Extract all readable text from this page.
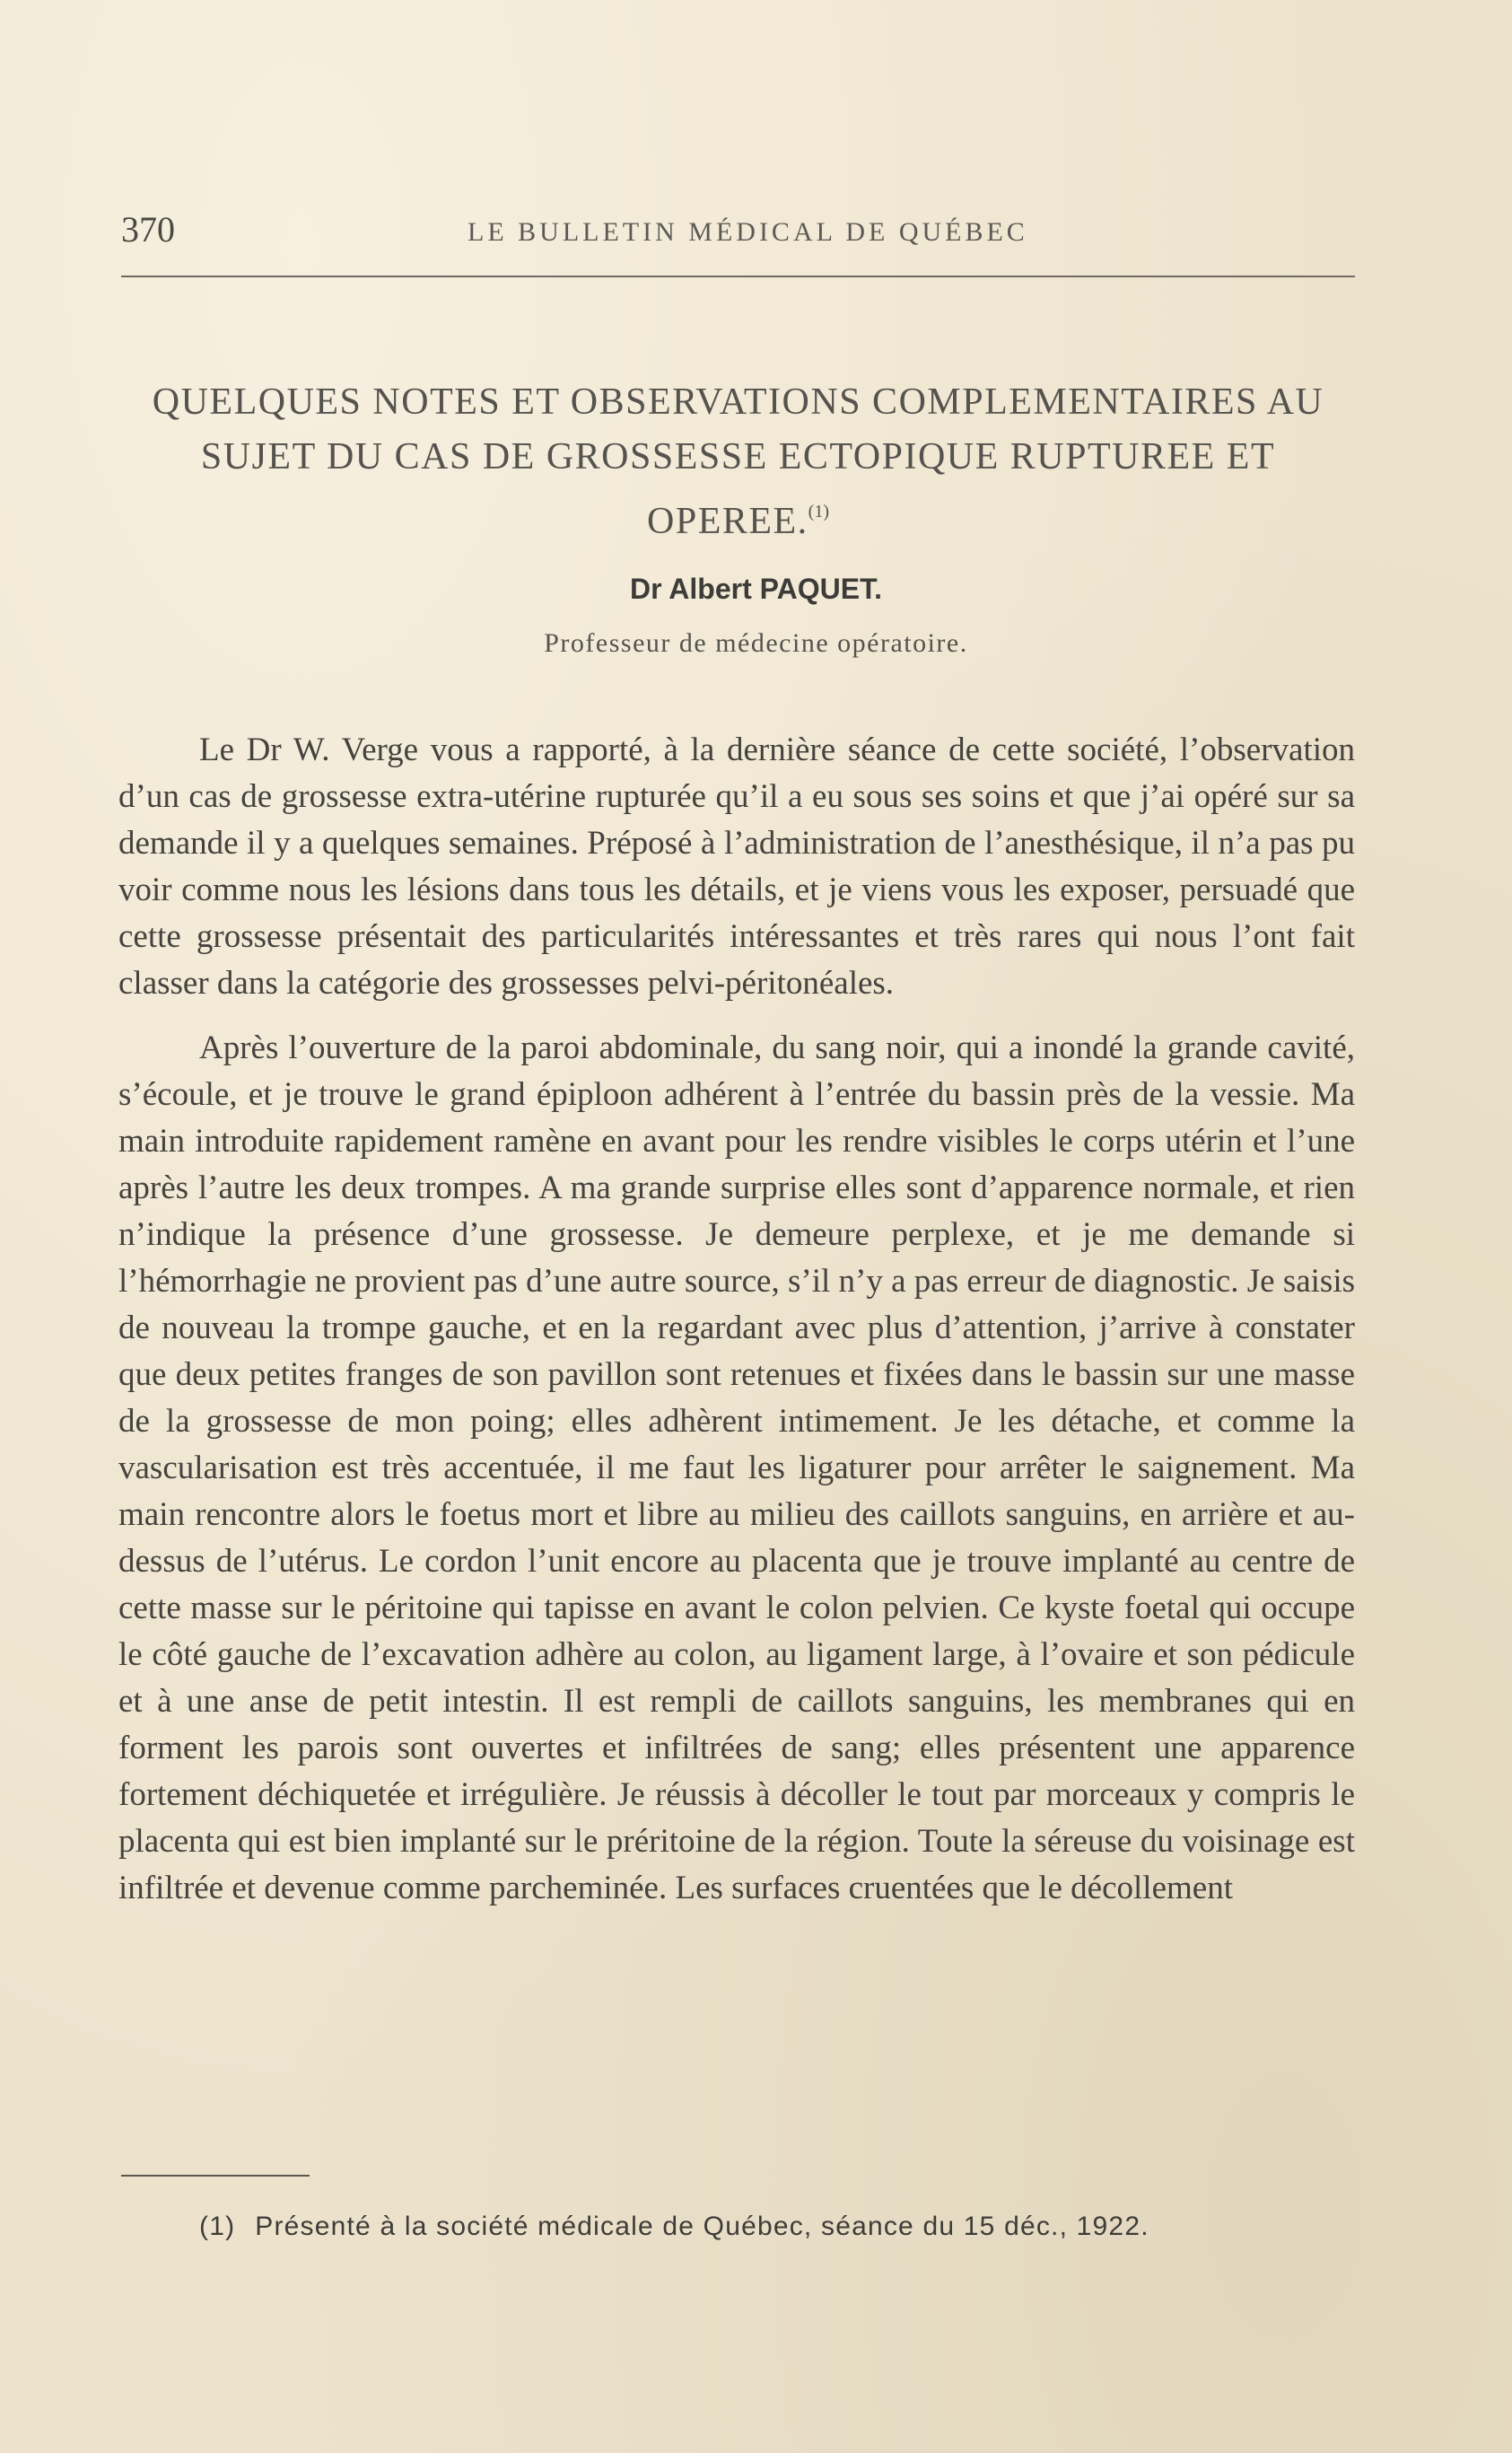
370	LE BULLETIN MÉDICAL DE QUÉBEC
QUELQUES NOTES ET OBSERVATIONS COMPLEMENTAIRES AU SUJET DU CAS DE GROSSESSE ECTOPIQUE RUPTUREE ET OPEREE.$^{(1)}$
Dr Albert PAQUET.
Professeur de médecine opératoire.

Le Dr W. Verge vous a rapporté, à la dernière séance de cette société, l’observation d’un cas de grossesse extra-utérine rupturée qu’il a eu sous ses soins et que j’ai opéré sur sa demande il y a quelques semaines. Préposé à l’administration de l’anesthésique, il n’a pas pu voir comme nous les lésions dans tous les détails, et je viens vous les exposer, persuadé que cette grossesse présentait des particularités intéressantes et très rares qui nous l’ont fait classer dans la catégorie des grossesses pelvi-péritonéales.

Après l’ouverture de la paroi abdominale, du sang noir, qui a inondé la grande cavité, s’écoule, et je trouve le grand épiploon adhérent à l’entrée du bassin près de la vessie. Ma main introduite rapidement ramène en avant pour les rendre visibles le corps utérin et l’une après l’autre les deux trompes. A ma grande surprise elles sont d’apparence normale, et rien n’indique la présence d’une grossesse. Je demeure perplexe, et je me demande si l’hémorrhagie ne provient pas d’une autre source, s’il n’y a pas erreur de diagnostic. Je saisis de nouveau la trompe gauche, et en la regardant avec plus d’attention, j’arrive à constater que deux petites franges de son pavillon sont retenues et fixées dans le bassin sur une masse de la grossesse de mon poing; elles adhèrent intimement. Je les détache, et comme la vascularisation est très accentuée, il me faut les ligaturer pour arrêter le saignement. Ma main rencontre alors le foetus mort et libre au milieu des caillots sanguins, en arrière et au-dessus de l’utérus. Le cordon l’unit encore au placenta que je trouve implanté au centre de cette masse sur le péritoine qui tapisse en avant le colon pelvien. Ce kyste foetal qui occupe le côté gauche de l’excavation adhère au colon, au ligament large, à l’ovaire et son pédicule et à une anse de petit intestin. Il est rempli de caillots sanguins, les membranes qui en forment les parois sont ouvertes et infiltrées de sang; elles présentent une apparence fortement déchiquetée et irrégulière. Je réussis à décoller le tout par morceaux y compris le placenta qui est bien implanté sur le préritoine de la région. Toute la séreuse du voisinage est infiltrée et devenue comme parcheminée. Les surfaces cruentées que le décollement

(1) Présenté à la société médicale de Québec, séance du 15 déc., 1922.
